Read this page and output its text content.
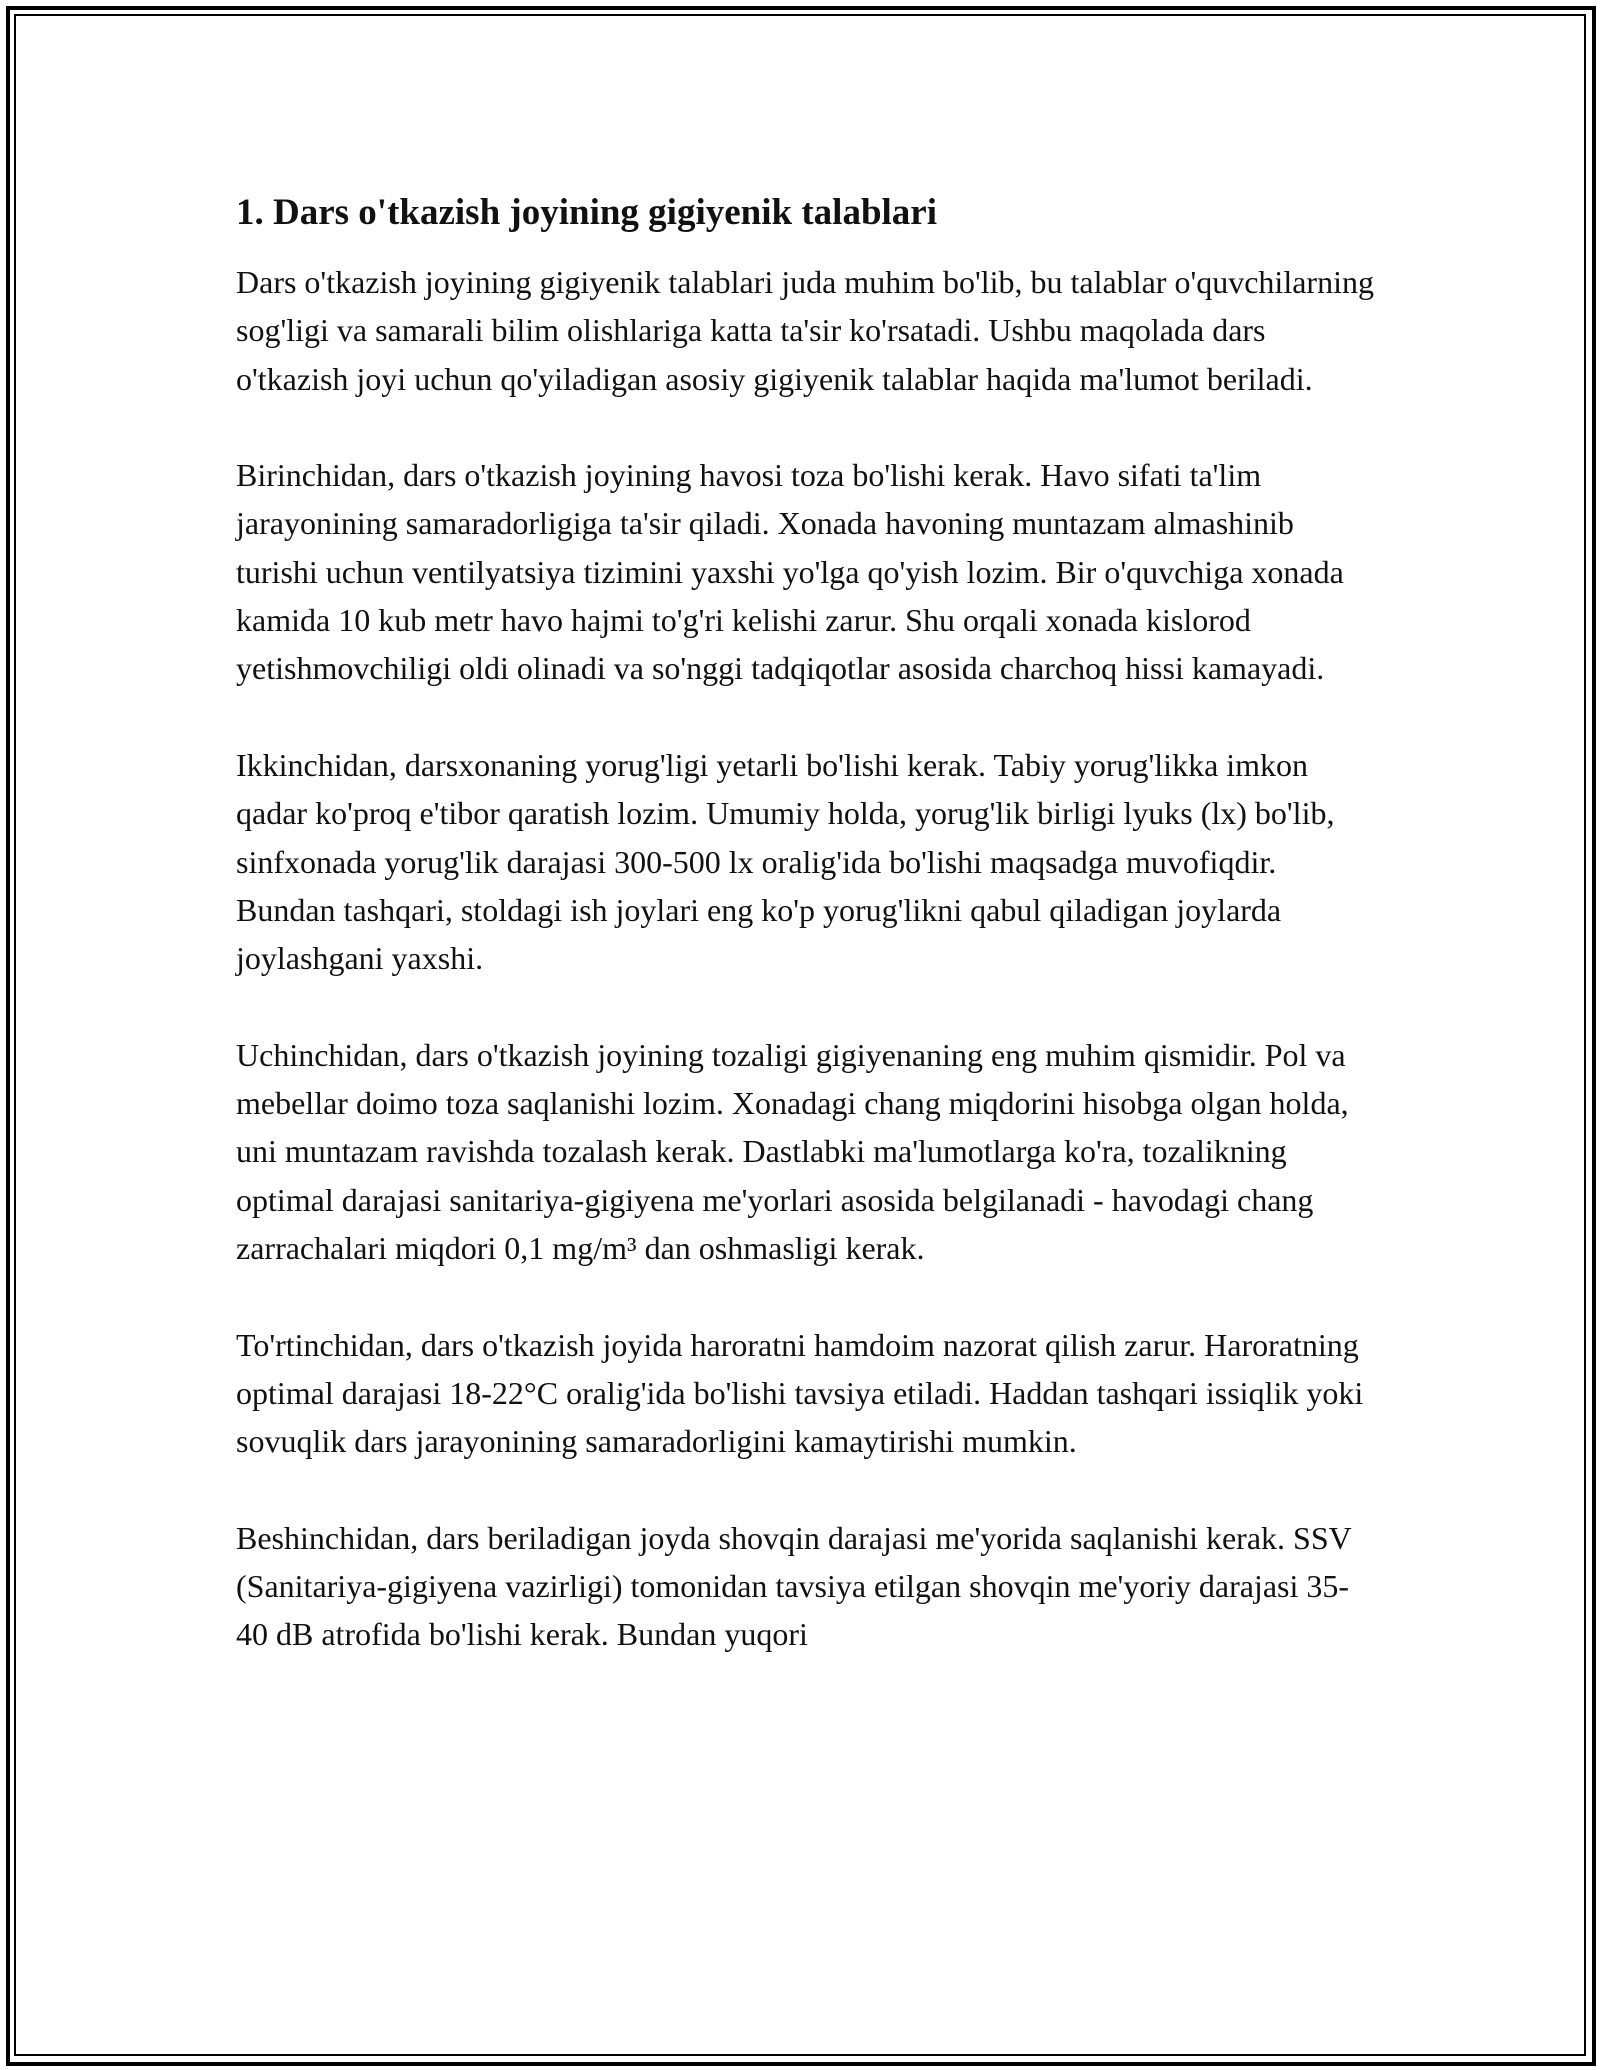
1. Dars o'tkazish joyining gigiyenik talablari

Dars o'tkazish joyining gigiyenik talablari juda muhim bo'lib, bu talablar o'quvchilarning sog'ligi va samarali bilim olishlariga katta ta'sir ko'rsatadi. Ushbu maqolada dars o'tkazish joyi uchun qo'yiladigan asosiy gigiyenik talablar haqida ma'lumot beriladi.

Birinchidan, dars o'tkazish joyining havosi toza bo'lishi kerak. Havo sifati ta'lim jarayonining samaradorligiga ta'sir qiladi. Xonada havoning muntazam almashinib turishi uchun ventilyatsiya tizimini yaxshi yo'lga qo'yish lozim. Bir o'quvchiga xonada kamida 10 kub metr havo hajmi to'g'ri kelishi zarur. Shu orqali xonada kislorod yetishmovchiligi oldi olinadi va so'nggi tadqiqotlar asosida charchoq hissi kamayadi.

Ikkinchidan, darsxonaning yorug'ligi yetarli bo'lishi kerak. Tabiy yorug'likka imkon qadar ko'proq e'tibor qaratish lozim. Umumiy holda, yorug'lik birligi lyuks (lx) bo'lib, sinfxonada yorug'lik darajasi 300-500 lx oralig'ida bo'lishi maqsadga muvofiqdir. Bundan tashqari, stoldagi ish joylari eng ko'p yorug'likni qabul qiladigan joylarda joylashgani yaxshi.

Uchinchidan, dars o'tkazish joyining tozaligi gigiyenaning eng muhim qismidir. Pol va mebellar doimo toza saqlanishi lozim. Xonadagi chang miqdorini hisobga olgan holda, uni muntazam ravishda tozalash kerak. Dastlabki ma'lumotlarga ko'ra, tozalikning optimal darajasi sanitariya-gigiyena me'yorlari asosida belgilanadi - havodagi chang zarrachalari miqdori 0,1 mg/m³ dan oshmasligi kerak.

To'rtinchidan, dars o'tkazish joyida haroratni hamdoim nazorat qilish zarur. Haroratning optimal darajasi 18-22°C oralig'ida bo'lishi tavsiya etiladi. Haddan tashqari issiqlik yoki sovuqlik dars jarayonining samaradorligini kamaytirishi mumkin.

Beshinchidan, dars beriladigan joyda shovqin darajasi me'yorida saqlanishi kerak. SSV (Sanitariya-gigiyena vazirligi) tomonidan tavsiya etilgan shovqin me'yoriy darajasi 35-40 dB atrofida bo'lishi kerak. Bundan yuqori
